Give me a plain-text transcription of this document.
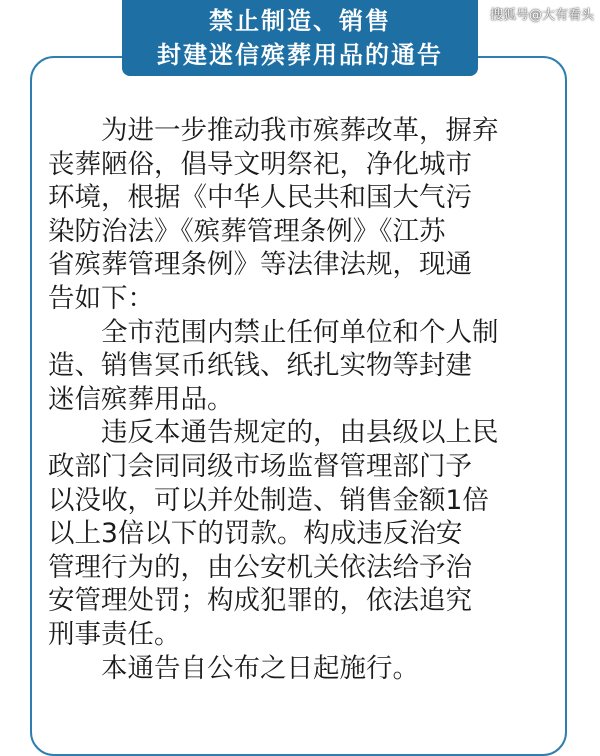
禁止制造、销售
封建迷信殡葬用品的通告
搜狐号@大有看头
　　为进一步推动我市殡葬改革，摒弃
丧葬陋俗，倡导文明祭祀，净化城市
环境，根据《中华人民共和国大气污
染防治法》《殡葬管理条例》《江苏
省殡葬管理条例》等法律法规，现通
告如下：
　　全市范围内禁止任何单位和个人制
造、销售冥币纸钱、纸扎实物等封建
迷信殡葬用品。
　　违反本通告规定的，由县级以上民
政部门会同同级市场监督管理部门予
以没收，可以并处制造、销售金额1倍
以上3倍以下的罚款。构成违反治安
管理行为的，由公安机关依法给予治
安管理处罚；构成犯罪的，依法追究
刑事责任。
　　本通告自公布之日起施行。
